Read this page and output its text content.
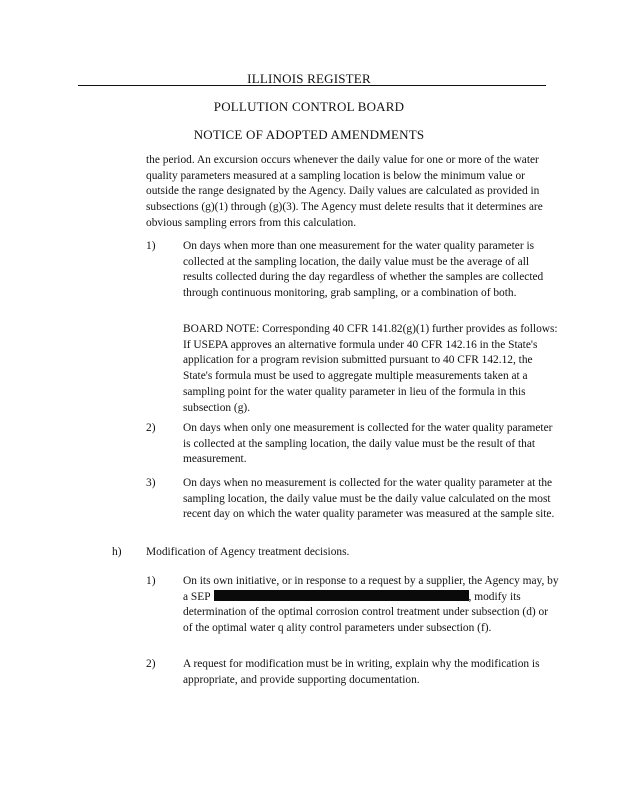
ILLINOIS REGISTER
POLLUTION CONTROL BOARD
NOTICE OF ADOPTED AMENDMENTS
the period. An excursion occurs whenever the daily value for one or more of the water quality parameters measured at a sampling location is below the minimum value or outside the range designated by the Agency. Daily values are calculated as provided in subsections (g)(1) through (g)(3). The Agency must delete results that it determines are obvious sampling errors from this calculation.
1) On days when more than one measurement for the water quality parameter is collected at the sampling location, the daily value must be the average of all results collected during the day regardless of whether the samples are collected through continuous monitoring, grab sampling, or a combination of both.
BOARD NOTE: Corresponding 40 CFR 141.82(g)(1) further provides as follows: If USEPA approves an alternative formula under 40 CFR 142.16 in the State's application for a program revision submitted pursuant to 40 CFR 142.12, the State's formula must be used to aggregate multiple measurements taken at a sampling point for the water quality parameter in lieu of the formula in this subsection (g).
2) On days when only one measurement is collected for the water quality parameter is collected at the sampling location, the daily value must be the result of that measurement.
3) On days when no measurement is collected for the water quality parameter at the sampling location, the daily value must be the daily value calculated on the most recent day on which the water quality parameter was measured at the sample site.
h) Modification of Agency treatment decisions.
1) On its own initiative, or in response to a request by a supplier, the Agency may, by a SEP	, modify its determination of the optimal corrosion control treatment under subsection (d) or of the optimal water q ality control parameters under subsection (f).
2) A request for modification must be in writing, explain why the modification is appropriate, and provide supporting documentation.
